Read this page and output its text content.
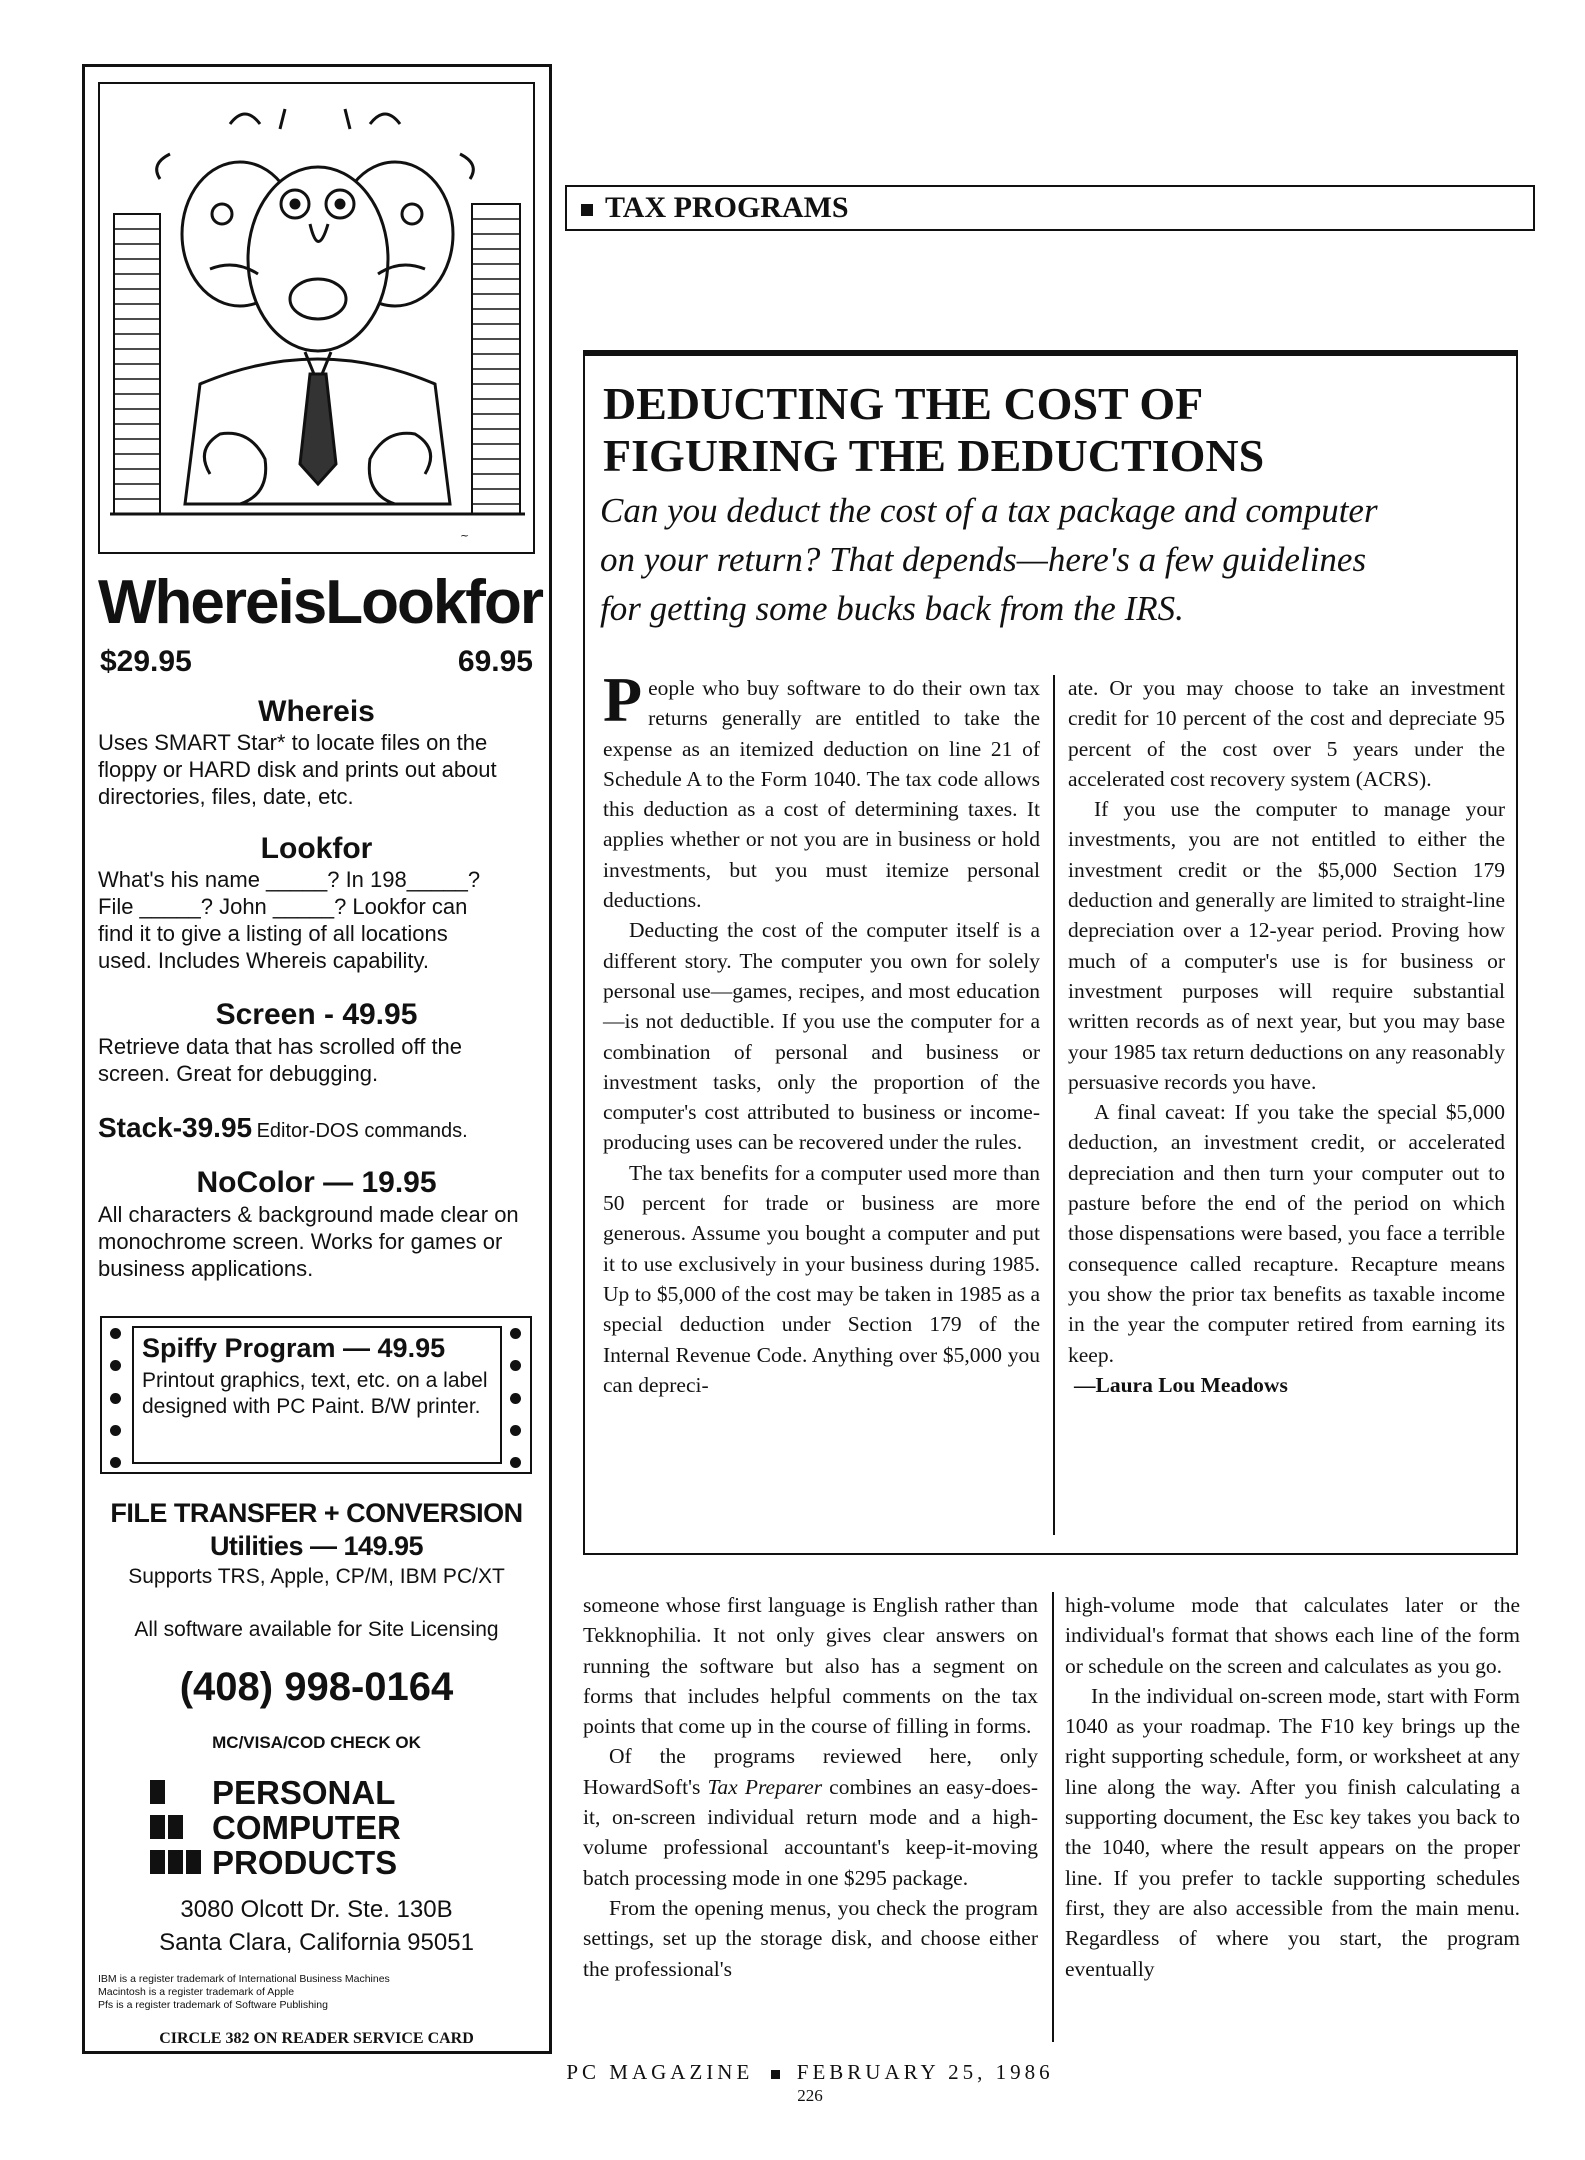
~
Whereis Lookfor
$29.95	69.95
Whereis
Uses SMART Star* to locate files on the floppy or HARD disk and prints out about directories, files, date, etc.
Lookfor
What's his name _____? In 198_____?
File _____? John _____? Lookfor can
find it to give a listing of all locations
used. Includes Whereis capability.
Screen - 49.95
Retrieve data that has scrolled off the screen. Great for debugging.
Stack-39.95 Editor-DOS commands.
NoColor — 19.95
All characters & background made clear on monochrome screen. Works for games or business applications.
Spiffy Program — 49.95
Printout graphics, text, etc. on a label designed with PC Paint. B/W printer.
FILE TRANSFER + CONVERSION
Utilities — 149.95
Supports TRS, Apple, CP/M, IBM PC/XT
All software available for Site Licensing
(408) 998-0164
MC/VISA/COD CHECK OK
PERSONAL
COMPUTER
PRODUCTS
3080 Olcott Dr. Ste. 130B
Santa Clara, California 95051
IBM is a register trademark of International Business Machines
Macintosh is a register trademark of Apple
Pfs is a register trademark of Software Publishing
CIRCLE 382 ON READER SERVICE CARD
TAX PROGRAMS
DEDUCTING THE COST OF
FIGURING THE DEDUCTIONS
Can you deduct the cost of a tax package and computer
on your return? That depends—here's a few guidelines
for getting some bucks back from the IRS.

People who buy software to do their own tax returns generally are entitled to take the expense as an itemized deduction on line 21 of Schedule A to the Form 1040. The tax code allows this deduction as a cost of determining taxes. It applies whether or not you are in business or hold investments, but you must itemize personal deductions.

Deducting the cost of the computer itself is a different story. The computer you own for solely personal use—games, recipes, and most education—is not deductible. If you use the computer for a combination of personal and business or investment tasks, only the proportion of the computer's cost attributed to business or income-producing uses can be recovered under the rules.

The tax benefits for a computer used more than 50 percent for trade or business are more generous. Assume you bought a computer and put it to use exclusively in your business during 1985. Up to $5,000 of the cost may be taken in 1985 as a special deduction under Section 179 of the Internal Revenue Code. Anything over $5,000 you can depreci-

ate. Or you may choose to take an investment credit for 10 percent of the cost and depreciate 95 percent of the cost over 5 years under the accelerated cost recovery system (ACRS).

If you use the computer to manage your investments, you are not entitled to either the investment credit or the $5,000 Section 179 deduction and generally are limited to straight-line depreciation over a 12-year period. Proving how much of a computer's use is for business or investment purposes will require substantial written records as of next year, but you may base your 1985 tax return deductions on any reasonably persuasive records you have.

A final caveat: If you take the special $5,000 deduction, an investment credit, or accelerated depreciation and then turn your computer out to pasture before the end of the period on which those dispensations were based, you face a terrible consequence called recapture. Recapture means you show the prior tax benefits as taxable income in the year the computer retired from earning its keep.

—Laura Lou Meadows

someone whose first language is English rather than Tekknophilia. It not only gives clear answers on running the software but also has a segment on forms that includes helpful comments on the tax points that come up in the course of filling in forms.

Of the programs reviewed here, only HowardSoft's Tax Preparer combines an easy-does-it, on-screen individual return mode and a high-volume professional accountant's keep-it-moving batch processing mode in one $295 package.

From the opening menus, you check the program settings, set up the storage disk, and choose either the professional's

high-volume mode that calculates later or the individual's format that shows each line of the form or schedule on the screen and calculates as you go.

In the individual on-screen mode, start with Form 1040 as your roadmap. The F10 key brings up the right supporting schedule, form, or worksheet at any line along the way. After you finish calculating a supporting document, the Esc key takes you back to the 1040, where the result appears on the proper line. If you prefer to tackle supporting schedules first, they are also accessible from the main menu. Regardless of where you start, the program eventually

PC MAGAZINE FEBRUARY 25, 1986
226
